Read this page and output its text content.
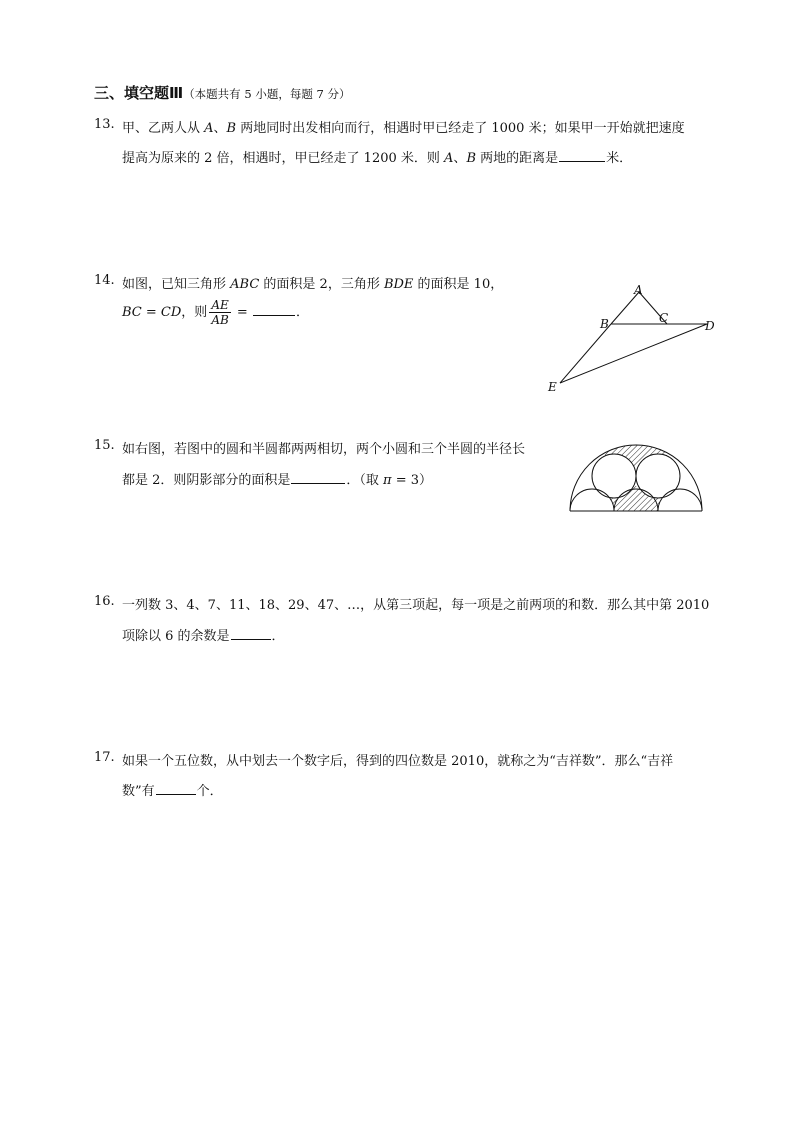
三、填空题Ⅲ（本题共有 5 小题，每题 7 分）
13. 甲、乙两人从 A、B 两地同时出发相向而行，相遇时甲已经走了 1000 米；如果甲一开始就把速度
提高为原来的 2 倍，相遇时，甲已经走了 1200 米．则 A、B 两地的距离是	米．
14. 如图，已知三角形 ABC 的面积是 2，三角形 BDE 的面积是 10，
BC = CD，则 $\frac{AE}{AB}$ =	．
A
B	C
D
E
15. 如右图，若图中的圆和半圆都两两相切，两个小圆和三个半圆的半径长
都是 2．则阴影部分的面积是	．（取 π = 3）
16. 一列数 3、4、7、11、18、29、47、…，从第三项起，每一项是之前两项的和数．那么其中第 2010
项除以 6 的余数是	．
17. 如果一个五位数，从中划去一个数字后，得到的四位数是 2010，就称之为“吉祥数”．那么“吉祥
数”有	个．
